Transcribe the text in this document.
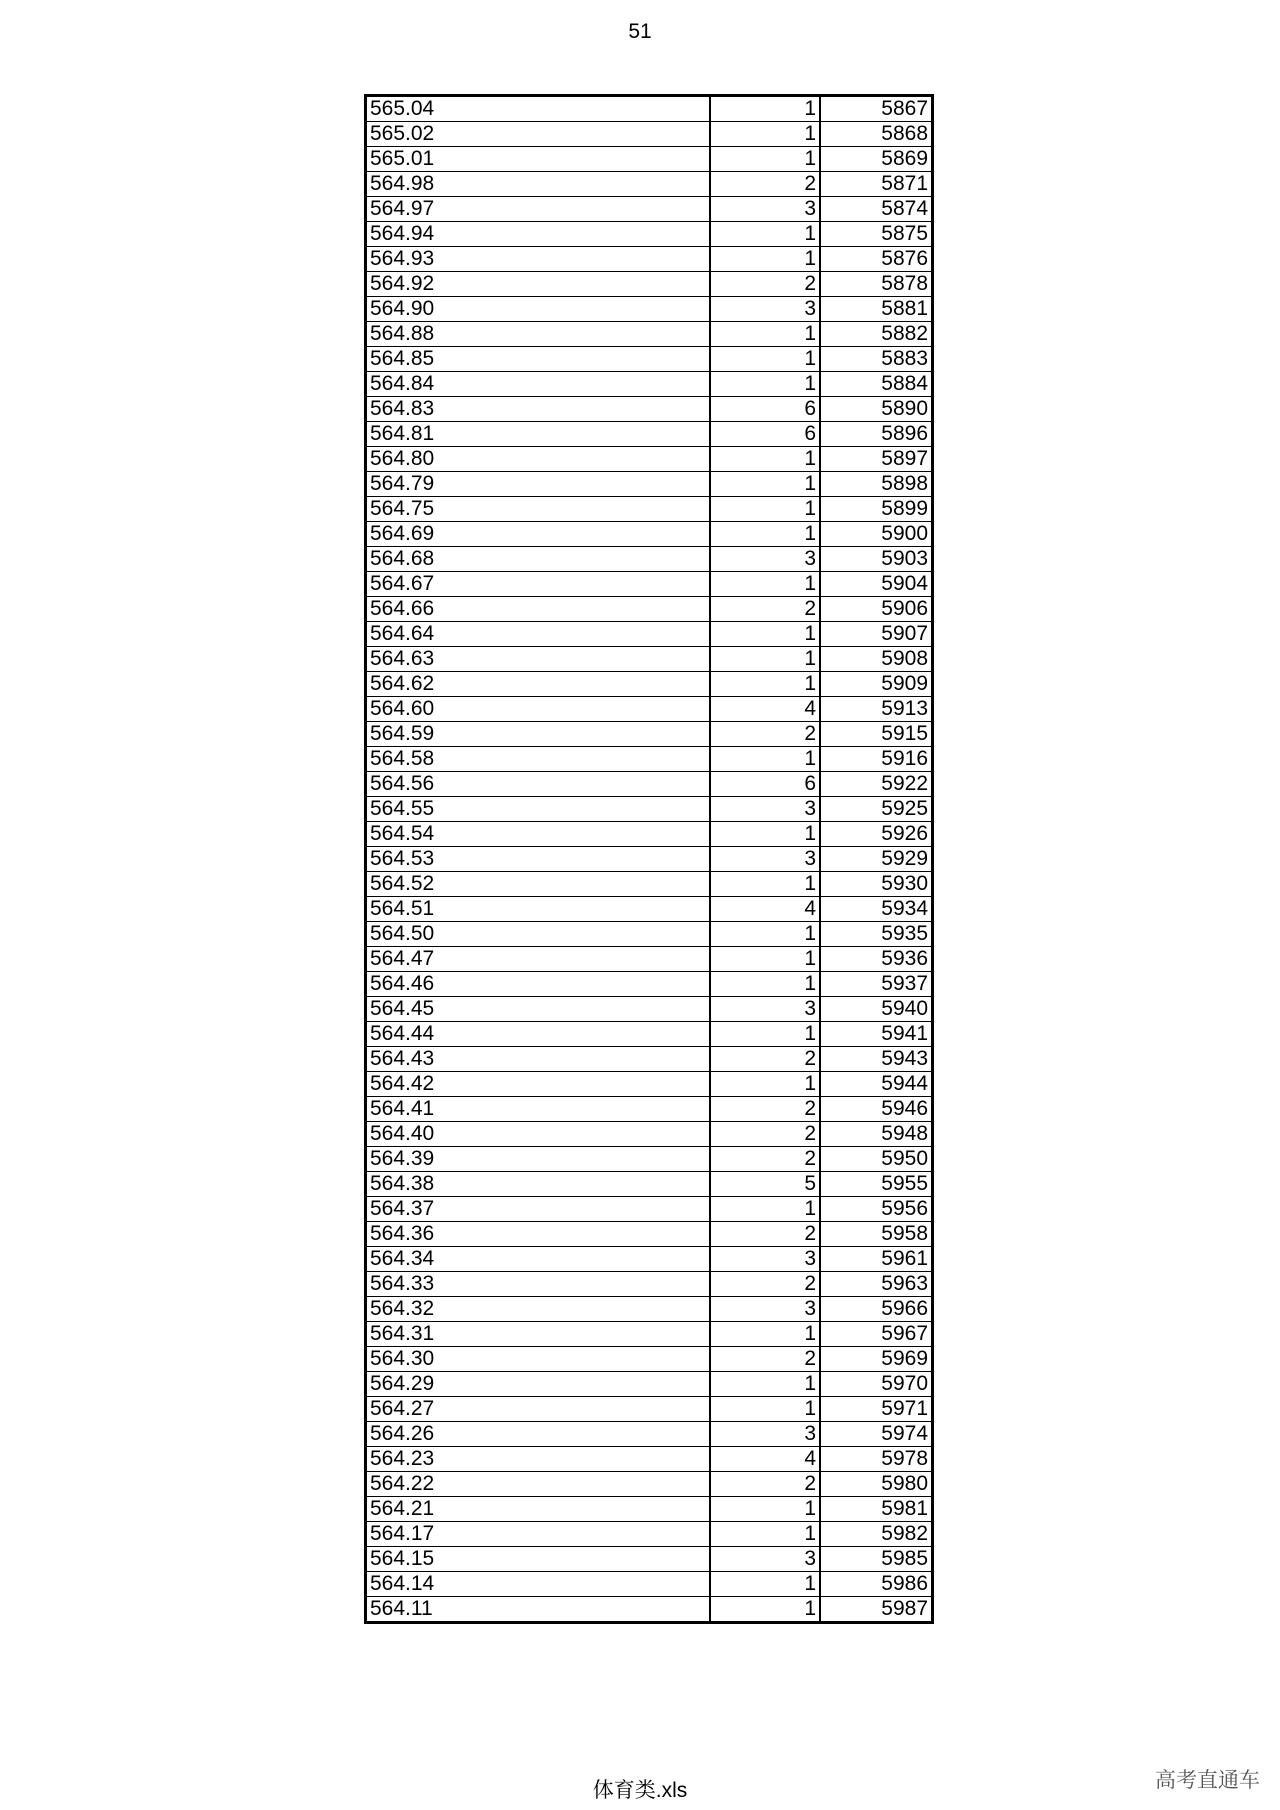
51
565.04	1	5867
565.02	1	5868
565.01	1	5869
564.98	2	5871
564.97	3	5874
564.94	1	5875
564.93	1	5876
564.92	2	5878
564.90	3	5881
564.88	1	5882
564.85	1	5883
564.84	1	5884
564.83	6	5890
564.81	6	5896
564.80	1	5897
564.79	1	5898
564.75	1	5899
564.69	1	5900
564.68	3	5903
564.67	1	5904
564.66	2	5906
564.64	1	5907
564.63	1	5908
564.62	1	5909
564.60	4	5913
564.59	2	5915
564.58	1	5916
564.56	6	5922
564.55	3	5925
564.54	1	5926
564.53	3	5929
564.52	1	5930
564.51	4	5934
564.50	1	5935
564.47	1	5936
564.46	1	5937
564.45	3	5940
564.44	1	5941
564.43	2	5943
564.42	1	5944
564.41	2	5946
564.40	2	5948
564.39	2	5950
564.38	5	5955
564.37	1	5956
564.36	2	5958
564.34	3	5961
564.33	2	5963
564.32	3	5966
564.31	1	5967
564.30	2	5969
564.29	1	5970
564.27	1	5971
564.26	3	5974
564.23	4	5978
564.22	2	5980
564.21	1	5981
564.17	1	5982
564.15	3	5985
564.14	1	5986
564.11	1	5987
体育类.xls	高考直通车
